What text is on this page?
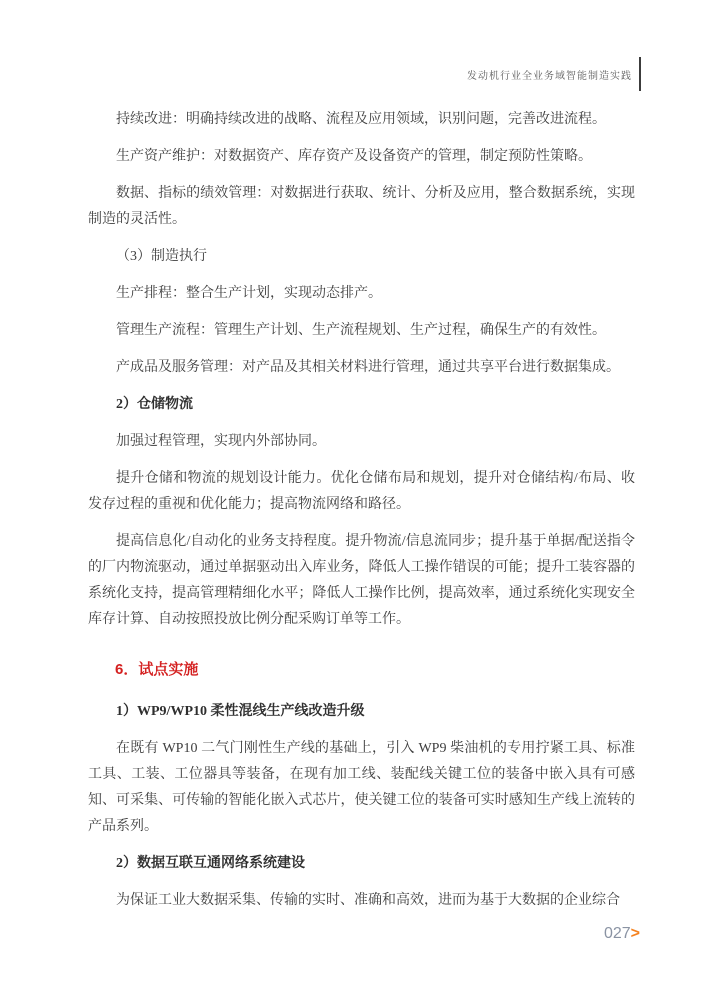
发动机行业全业务域智能制造实践

持续改进：明确持续改进的战略、流程及应用领域，识别问题，完善改进流程。

生产资产维护：对数据资产、库存资产及设备资产的管理，制定预防性策略。

数据、指标的绩效管理：对数据进行获取、统计、分析及应用，整合数据系统，实现制造的灵活性。

（3）制造执行

生产排程：整合生产计划，实现动态排产。

管理生产流程：管理生产计划、生产流程规划、生产过程，确保生产的有效性。

产成品及服务管理：对产品及其相关材料进行管理，通过共享平台进行数据集成。

2）仓储物流

加强过程管理，实现内外部协同。

提升仓储和物流的规划设计能力。优化仓储布局和规划，提升对仓储结构/布局、收发存过程的重视和优化能力；提高物流网络和路径。

提高信息化/自动化的业务支持程度。提升物流/信息流同步；提升基于单据/配送指令的厂内物流驱动，通过单据驱动出入库业务，降低人工操作错误的可能；提升工装容器的系统化支持，提高管理精细化水平；降低人工操作比例，提高效率，通过系统化实现安全库存计算、自动按照投放比例分配采购订单等工作。

6．试点实施

1）WP9/WP10 柔性混线生产线改造升级

在既有 WP10 二气门刚性生产线的基础上，引入 WP9 柴油机的专用拧紧工具、标准工具、工装、工位器具等装备，在现有加工线、装配线关键工位的装备中嵌入具有可感知、可采集、可传输的智能化嵌入式芯片，使关键工位的装备可实时感知生产线上流转的产品系列。

2）数据互联互通网络系统建设

为保证工业大数据采集、传输的实时、准确和高效，进而为基于大数据的企业综合

027>
